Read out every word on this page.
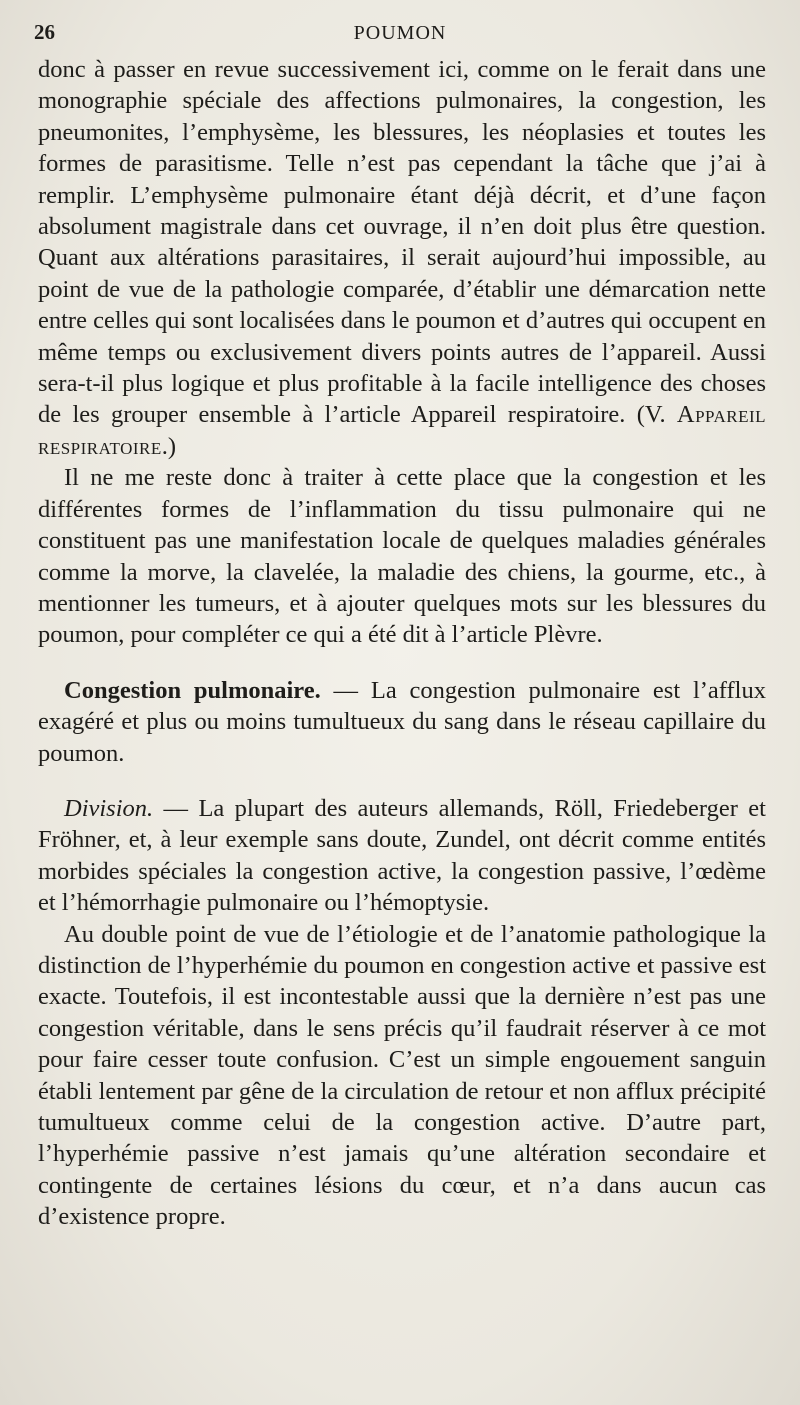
26	POUMON

donc à passer en revue successivement ici, comme on le ferait dans une monographie spéciale des affections pulmonaires, la congestion, les pneumonites, l’emphysème, les blessures, les néoplasies et toutes les formes de parasitisme. Telle n’est pas cependant la tâche que j’ai à remplir. L’emphysème pulmonaire étant déjà décrit, et d’une façon absolument magistrale dans cet ouvrage, il n’en doit plus être question. Quant aux altérations parasitaires, il serait aujourd’hui impossible, au point de vue de la pathologie comparée, d’établir une démarcation nette entre celles qui sont localisées dans le poumon et d’autres qui occupent en même temps ou exclusivement divers points autres de l’appareil. Aussi sera-t-il plus logique et plus profitable à la facile intelligence des choses de les grouper ensemble à l’article Appareil respiratoire. (V. Appareil respiratoire.)

Il ne me reste donc à traiter à cette place que la congestion et les différentes formes de l’inflammation du tissu pulmonaire qui ne constituent pas une manifestation locale de quelques maladies générales comme la morve, la clavelée, la maladie des chiens, la gourme, etc., à mentionner les tumeurs, et à ajouter quelques mots sur les blessures du poumon, pour compléter ce qui a été dit à l’article Plèvre.

Congestion pulmonaire. — La congestion pulmonaire est l’afflux exagéré et plus ou moins tumultueux du sang dans le réseau capillaire du poumon.

Division. — La plupart des auteurs allemands, Röll, Friedeberger et Fröhner, et, à leur exemple sans doute, Zundel, ont décrit comme entités morbides spéciales la congestion active, la congestion passive, l’œdème et l’hémorrhagie pulmonaire ou l’hémoptysie.

Au double point de vue de l’étiologie et de l’anatomie pathologique la distinction de l’hyperhémie du poumon en congestion active et passive est exacte. Toutefois, il est incontestable aussi que la dernière n’est pas une congestion véritable, dans le sens précis qu’il faudrait réserver à ce mot pour faire cesser toute confusion. C’est un simple engouement sanguin établi lentement par gêne de la circulation de retour et non afflux précipité tumultueux comme celui de la congestion active. D’autre part, l’hyperhémie passive n’est jamais qu’une altération secondaire et contingente de certaines lésions du cœur, et n’a dans aucun cas d’existence propre.
